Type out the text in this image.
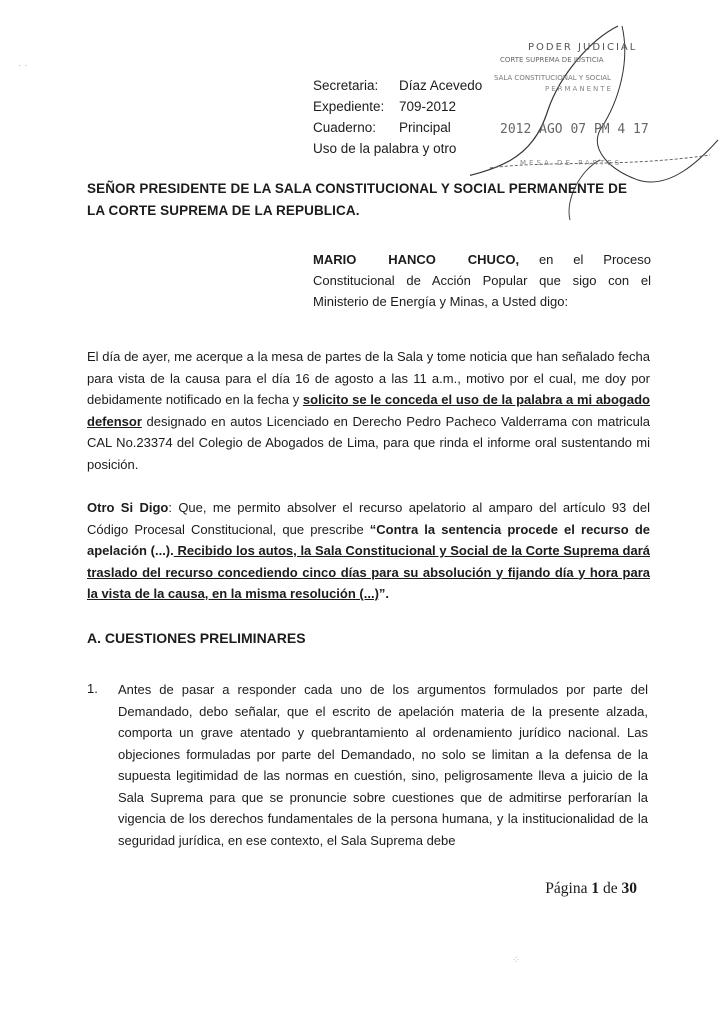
Secretaria: Díaz Acevedo
Expediente: 709-2012
Cuaderno: Principal
Uso de la palabra y otro
PODER JUDICIAL
CORTE SUPREMA DE JUSTICIA
SALA CONSTITUCIONAL Y SOCIAL
PERMANENTE
2012 AGO 07 PM 4 17
MESA DE PARTES
SEÑOR PRESIDENTE DE LA SALA CONSTITUCIONAL Y SOCIAL PERMANENTE DE LA CORTE SUPREMA DE LA REPUBLICA.
MARIO HANCO CHUCO, en el Proceso Constitucional de Acción Popular que sigo con el Ministerio de Energía y Minas, a Usted digo:

El día de ayer, me acerque a la mesa de partes de la Sala y tome noticia que han señalado fecha para vista de la causa para el día 16 de agosto a las 11 a.m., motivo por el cual, me doy por debidamente notificado en la fecha y solicito se le conceda el uso de la palabra a mi abogado defensor designado en autos Licenciado en Derecho Pedro Pacheco Valderrama con matricula CAL No.23374 del Colegio de Abogados de Lima, para que rinda el informe oral sustentando mi posición.

Otro Si Digo: Que, me permito absolver el recurso apelatorio al amparo del artículo 93 del Código Procesal Constitucional, que prescribe “Contra la sentencia procede el recurso de apelación (...). Recibido los autos, la Sala Constitucional y Social de la Corte Suprema dará traslado del recurso concediendo cinco días para su absolución y fijando día y hora para la vista de la causa, en la misma resolución (...)”.

A. CUESTIONES PRELIMINARES
1. Antes de pasar a responder cada uno de los argumentos formulados por parte del Demandado, debo señalar, que el escrito de apelación materia de la presente alzada, comporta un grave atentado y quebrantamiento al ordenamiento jurídico nacional. Las objeciones formuladas por parte del Demandado, no solo se limitan a la defensa de la supuesta legitimidad de las normas en cuestión, sino, peligrosamente lleva a juicio de la Sala Suprema para que se pronuncie sobre cuestiones que de admitirse perforarían la vigencia de los derechos fundamentales de la persona humana, y la institucionalidad de la seguridad jurídica, en ese contexto, el Sala Suprema debe

Página 1 de 30
· ·
⁘
